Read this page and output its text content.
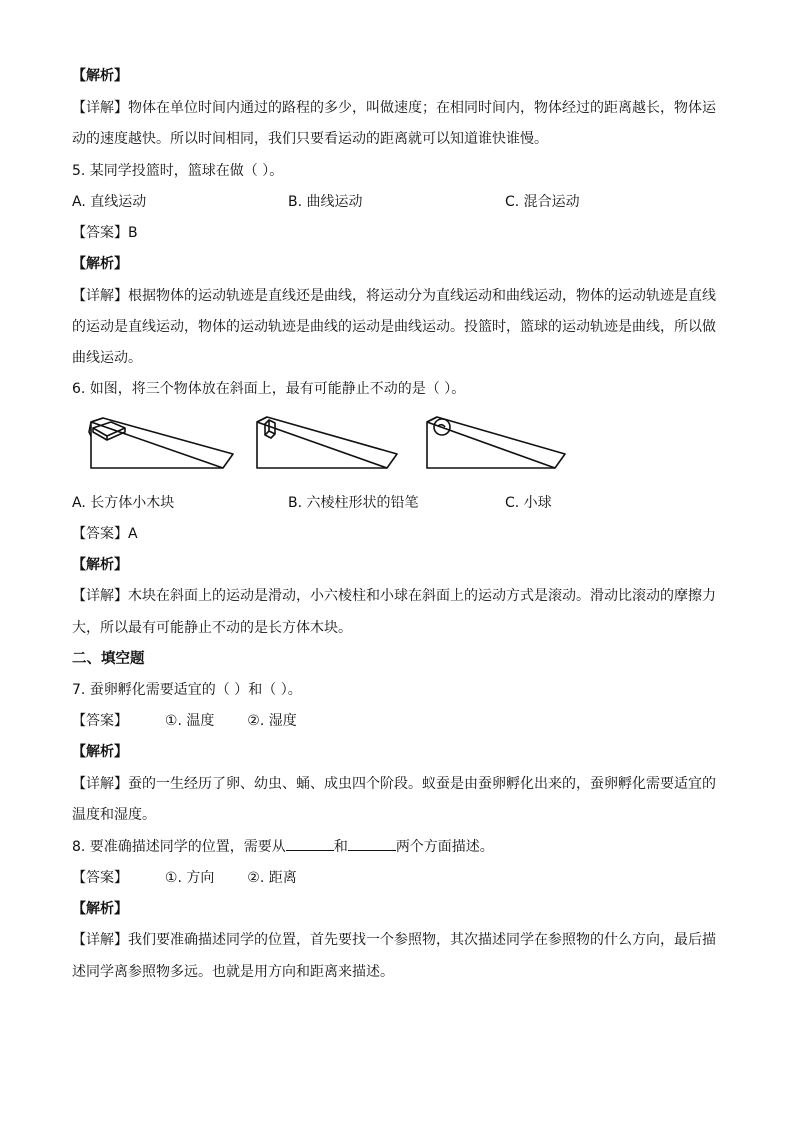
【解析】
【详解】物体在单位时间内通过的路程的多少，叫做速度；在相同时间内，物体经过的距离越长，物体运
动的速度越快。所以时间相同，我们只要看运动的距离就可以知道谁快谁慢。
5. 某同学投篮时，篮球在做（ ）。
A. 直线运动	B. 曲线运动	C. 混合运动
【答案】B
【解析】
【详解】根据物体的运动轨迹是直线还是曲线，将运动分为直线运动和曲线运动，物体的运动轨迹是直线
的运动是直线运动，物体的运动轨迹是曲线的运动是曲线运动。投篮时，篮球的运动轨迹是曲线，所以做
曲线运动。
6. 如图，将三个物体放在斜面上，最有可能静止不动的是（ ）。
A. 长方体小木块	B. 六棱柱形状的铅笔	C. 小球
【答案】A
【解析】
【详解】木块在斜面上的运动是滑动，小六棱柱和小球在斜面上的运动方式是滚动。滑动比滚动的摩擦力
大，所以最有可能静止不动的是长方体木块。
二、填空题
7. 蚕卵孵化需要适宜的（ ）和（ ）。
【答案】	①. 温度 ②. 湿度
【解析】
【详解】蚕的一生经历了卵、幼虫、蛹、成虫四个阶段。蚁蚕是由蚕卵孵化出来的，蚕卵孵化需要适宜的
温度和湿度。
8. 要准确描述同学的位置，需要从	和	两个方面描述。
【答案】	①. 方向 ②. 距离
【解析】
【详解】我们要准确描述同学的位置，首先要找一个参照物，其次描述同学在参照物的什么方向，最后描
述同学离参照物多远。也就是用方向和距离来描述。
